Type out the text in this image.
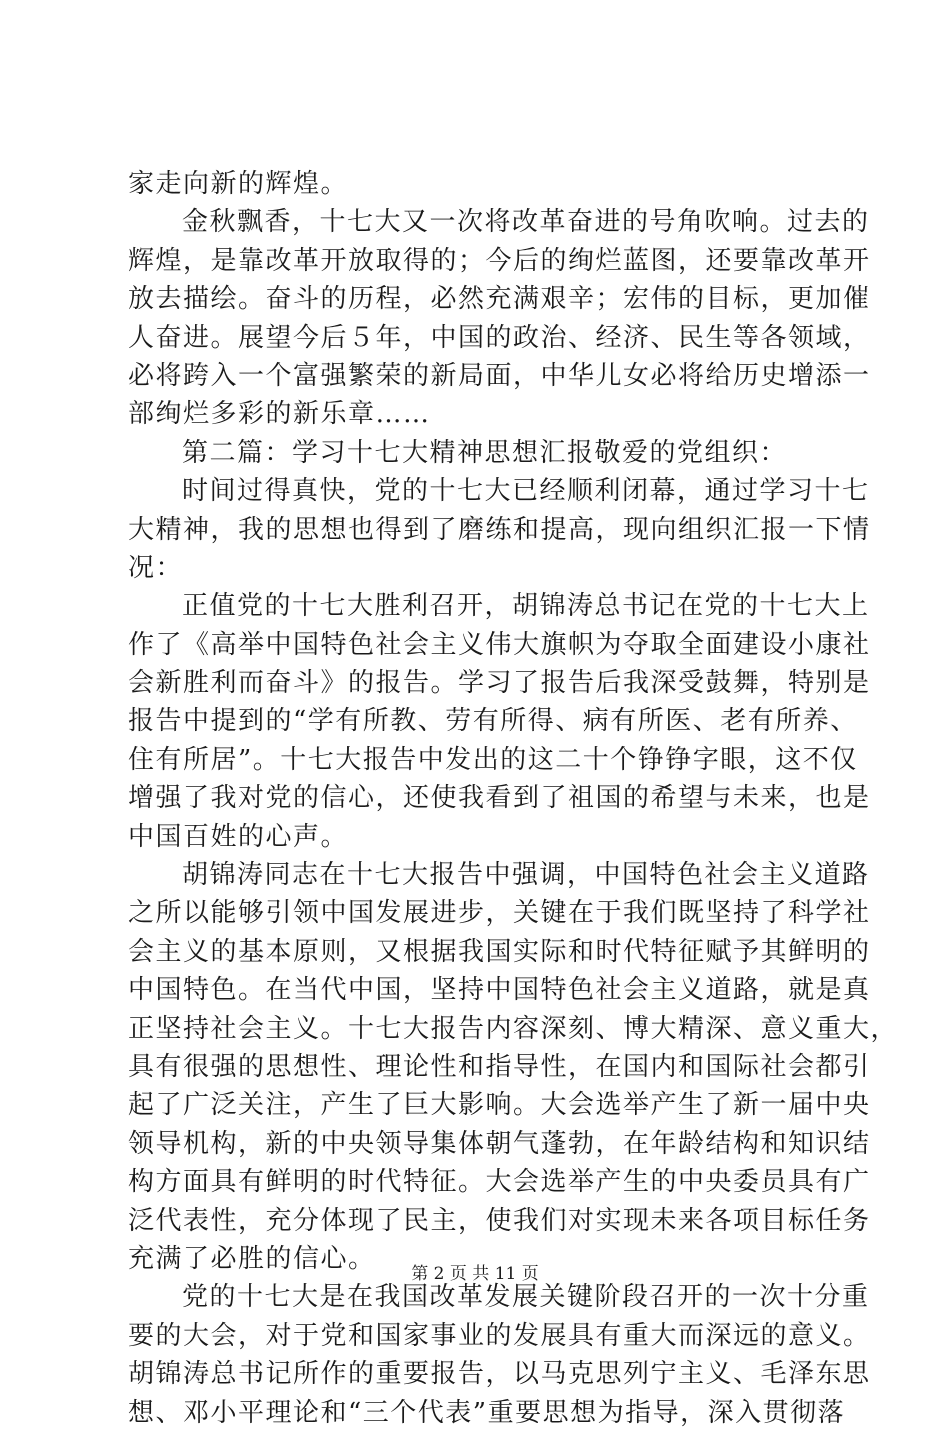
家走向新的辉煌。
金秋飘香，十七大又一次将改革奋进的号角吹响。过去的
辉煌，是靠改革开放取得的；今后的绚烂蓝图，还要靠改革开
放去描绘。奋斗的历程，必然充满艰辛；宏伟的目标，更加催
人奋进。展望今后５年，中国的政治、经济、民生等各领域，
必将跨入一个富强繁荣的新局面，中华儿女必将给历史增添一
部绚烂多彩的新乐章……
第二篇：学习十七大精神思想汇报敬爱的党组织：
时间过得真快，党的十七大已经顺利闭幕，通过学习十七
大精神，我的思想也得到了磨练和提高，现向组织汇报一下情
况：
正值党的十七大胜利召开，胡锦涛总书记在党的十七大上
作了《高举中国特色社会主义伟大旗帜为夺取全面建设小康社
会新胜利而奋斗》的报告。学习了报告后我深受鼓舞，特别是
报告中提到的“学有所教、劳有所得、病有所医、老有所养、
住有所居”。十七大报告中发出的这二十个铮铮字眼，这不仅
增强了我对党的信心，还使我看到了祖国的希望与未来，也是
中国百姓的心声。
胡锦涛同志在十七大报告中强调，中国特色社会主义道路
之所以能够引领中国发展进步，关键在于我们既坚持了科学社
会主义的基本原则，又根据我国实际和时代特征赋予其鲜明的
中国特色。在当代中国，坚持中国特色社会主义道路，就是真
正坚持社会主义。十七大报告内容深刻、博大精深、意义重大，
具有很强的思想性、理论性和指导性，在国内和国际社会都引
起了广泛关注，产生了巨大影响。大会选举产生了新一届中央
领导机构，新的中央领导集体朝气蓬勃，在年龄结构和知识结
构方面具有鲜明的时代特征。大会选举产生的中央委员具有广
泛代表性，充分体现了民主，使我们对实现未来各项目标任务
充满了必胜的信心。
党的十七大是在我国改革发展关键阶段召开的一次十分重
要的大会，对于党和国家事业的发展具有重大而深远的意义。
胡锦涛总书记所作的重要报告，以马克思列宁主义、毛泽东思
想、邓小平理论和“三个代表”重要思想为指导，深入贯彻落
第 2 页 共 11 页
